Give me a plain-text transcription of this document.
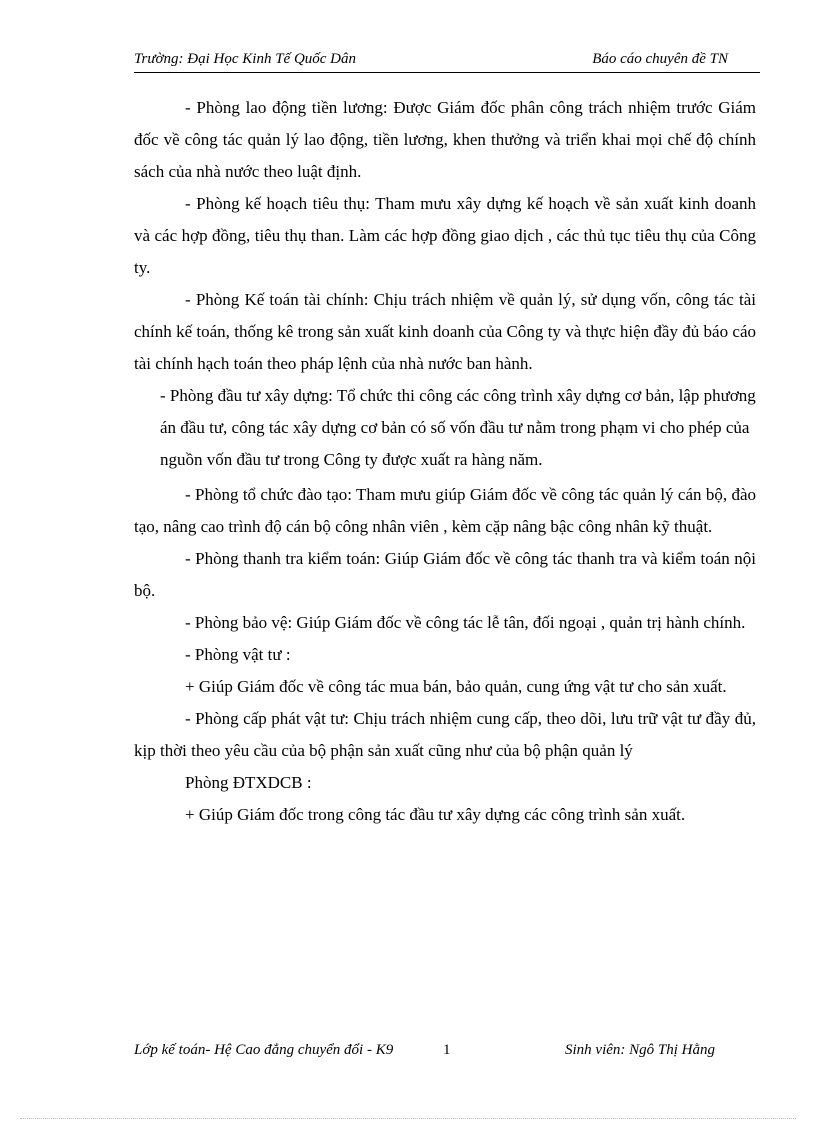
Trường: Đại Học Kinh Tế Quốc Dân	Báo cáo chuyên đề TN

- Phòng lao động tiền lương: Được Giám đốc phân công trách nhiệm trước Giám đốc về công tác quản lý lao động, tiền lương, khen thưởng và triển khai mọi chế độ chính sách của nhà nước theo luật định.

- Phòng kế hoạch tiêu thụ: Tham mưu xây dựng kế hoạch về sản xuất kinh doanh và các hợp đồng, tiêu thụ than. Làm các hợp đồng giao dịch , các thủ tục tiêu thụ của Công ty.

- Phòng Kế toán tài chính: Chịu trách nhiệm về quản lý, sử dụng vốn, công tác tài chính kế toán, thống kê trong sản xuất kinh doanh của Công ty và thực hiện đầy đủ báo cáo tài chính hạch toán theo pháp lệnh của nhà nước ban hành.

- Phòng đầu tư xây dựng: Tổ chức thi công các công trình xây dựng cơ bản, lập phương án đầu tư, công tác xây dựng cơ bản có số vốn đầu tư nằm trong phạm vi cho phép của nguồn vốn đầu tư trong Công ty được xuất ra hàng năm.

- Phòng tổ chức đào tạo: Tham mưu giúp Giám đốc về công tác quản lý cán bộ, đào tạo, nâng cao trình độ cán bộ công nhân viên , kèm cặp nâng bậc công nhân kỹ thuật.

- Phòng thanh tra kiểm toán: Giúp Giám đốc về công tác thanh tra và kiểm toán nội bộ.

- Phòng bảo vệ: Giúp Giám đốc về công tác lễ tân, đối ngoại , quản trị hành chính.

- Phòng vật tư :

+ Giúp Giám đốc về công tác mua bán, bảo quản, cung ứng vật tư cho sản xuất.

- Phòng cấp phát vật tư: Chịu trách nhiệm cung cấp, theo dõi, lưu trữ vật tư đầy đủ, kịp thời theo yêu cầu của bộ phận sản xuất cũng như của bộ phận quản lý

Phòng ĐTXDCB :

+ Giúp Giám đốc trong công tác đầu tư xây dựng các công trình sản xuất.

Lớp kế toán- Hệ Cao đẳng chuyển đổi - K9	1	Sinh viên: Ngô Thị Hằng
